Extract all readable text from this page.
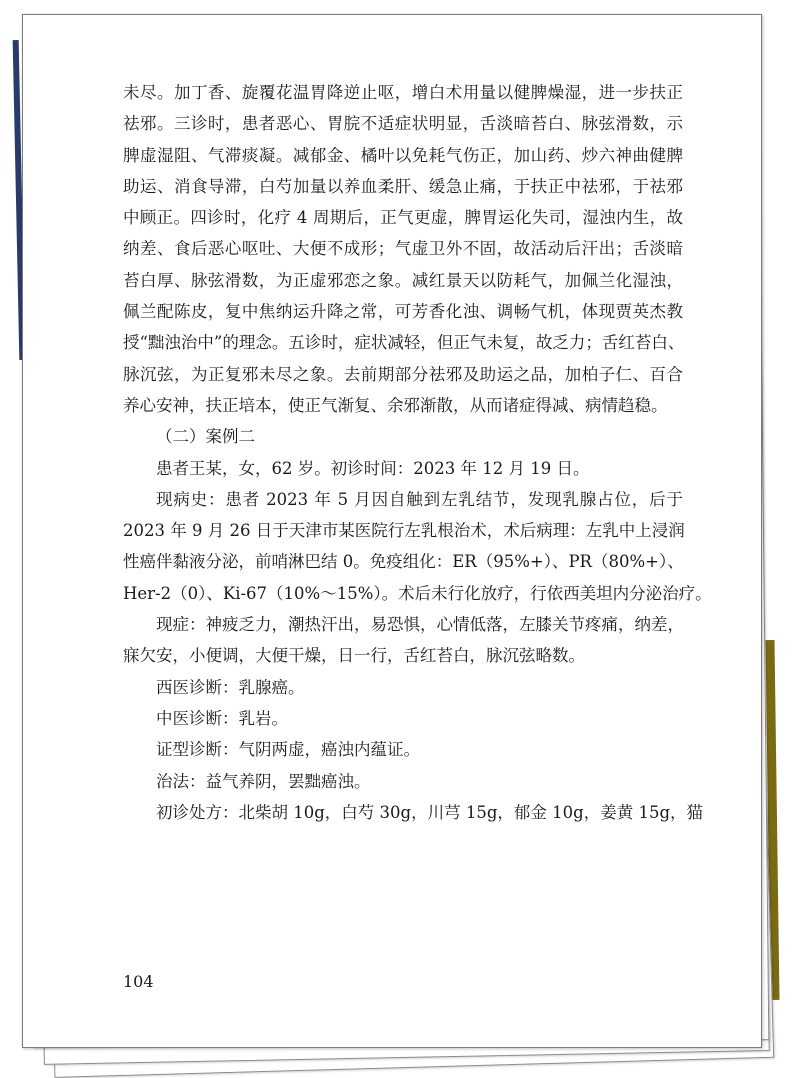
未尽。加丁香、旋覆花温胃降逆止呕，增白术用量以健脾燥湿，进一步扶正

祛邪。三诊时，患者恶心、胃脘不适症状明显，舌淡暗苔白、脉弦滑数，示

脾虚湿阻、气滞痰凝。减郁金、橘叶以免耗气伤正，加山药、炒六神曲健脾

助运、消食导滞，白芍加量以养血柔肝、缓急止痛，于扶正中祛邪，于祛邪

中顾正。四诊时，化疗 4 周期后，正气更虚，脾胃运化失司，湿浊内生，故

纳差、食后恶心呕吐、大便不成形；气虚卫外不固，故活动后汗出；舌淡暗

苔白厚、脉弦滑数，为正虚邪恋之象。减红景天以防耗气，加佩兰化湿浊，

佩兰配陈皮，复中焦纳运升降之常，可芳香化浊、调畅气机，体现贾英杰教

授“黜浊治中”的理念。五诊时，症状减轻，但正气未复，故乏力；舌红苔白、

脉沉弦，为正复邪未尽之象。去前期部分祛邪及助运之品，加柏子仁、百合

养心安神，扶正培本，使正气渐复、余邪渐散，从而诸症得减、病情趋稳。

（二）案例二

患者王某，女，62 岁。初诊时间：2023 年 12 月 19 日。

现病史：患者 2023 年 5 月因自触到左乳结节，发现乳腺占位，后于

2023 年 9 月 26 日于天津市某医院行左乳根治术，术后病理：左乳中上浸润

性癌伴黏液分泌，前哨淋巴结 0。免疫组化：ER（95%+）、PR（80%+）、

Her-2（0）、Ki-67（10%～15%）。术后未行化放疗，行依西美坦内分泌治疗。

现症：神疲乏力，潮热汗出，易恐惧，心情低落，左膝关节疼痛，纳差，

寐欠安，小便调，大便干燥，日一行，舌红苔白，脉沉弦略数。

西医诊断：乳腺癌。

中医诊断：乳岩。

证型诊断：气阴两虚，癌浊内蕴证。

治法：益气养阴，罢黜癌浊。

初诊处方：北柴胡 10g，白芍 30g，川芎 15g，郁金 10g，姜黄 15g，猫

104
